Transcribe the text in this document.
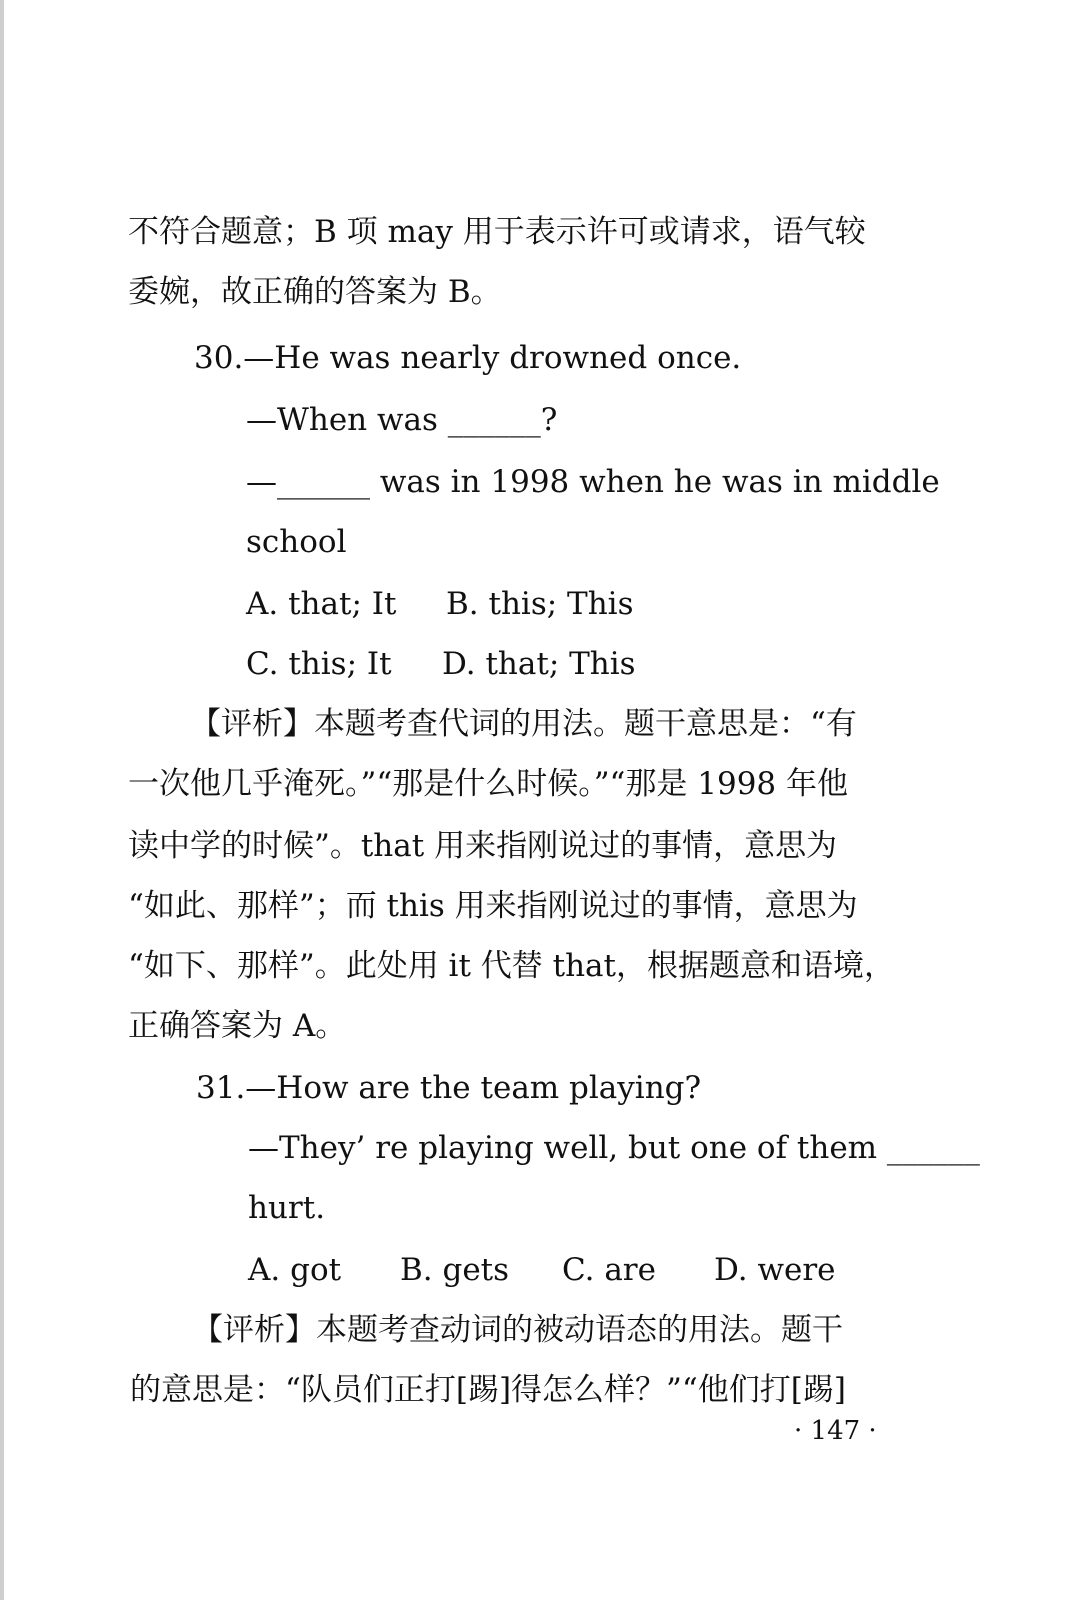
不符合题意；B 项 may 用于表示许可或请求，语气较
委婉，故正确的答案为 B。
30.—He was nearly drowned once.
—When was ______?
—______ was in 1998 when he was in middle
school
A. that; It B. this; This
C. this; It D. that; This
【评析】本题考查代词的用法。题干意思是：“有
一次他几乎淹死。”“那是什么时候。”“那是 1998 年他
读中学的时候”。that 用来指刚说过的事情，意思为
“如此、那样”；而 this 用来指刚说过的事情，意思为
“如下、那样”。此处用 it 代替 that，根据题意和语境，
正确答案为 A。
31.—How are the team playing?
—They’ re playing well, but one of them ______
hurt.
A. got B. gets C. are D. were
【评析】本题考查动词的被动语态的用法。题干
的意思是：“队员们正打[踢]得怎么样？”“他们打[踢]
· 147 ·
